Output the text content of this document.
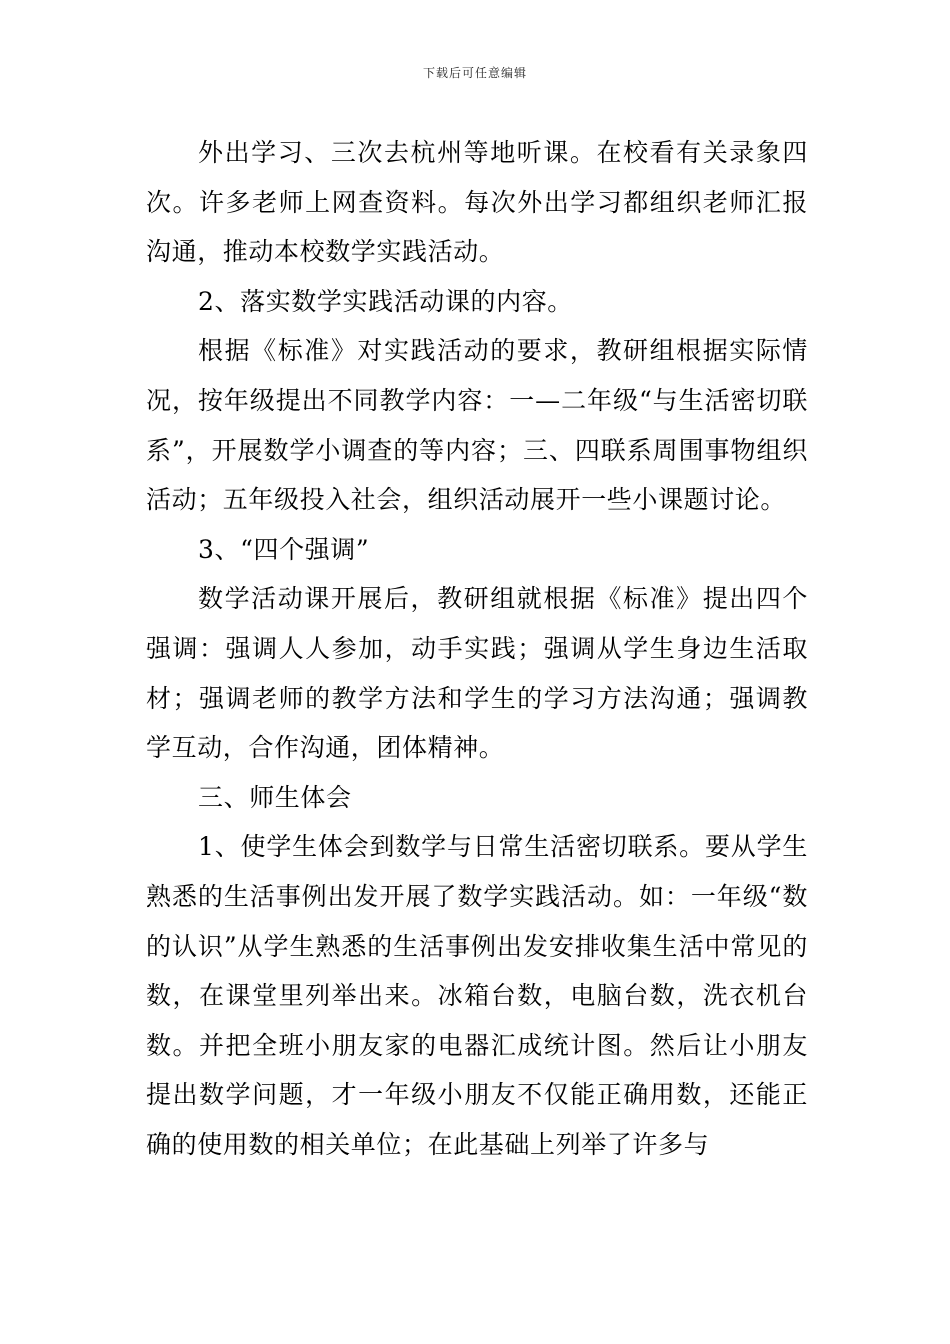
下载后可任意编辑

外出学习、三次去杭州等地听课。在校看有关录象四次。许多老师上网查资料。每次外出学习都组织老师汇报沟通，推动本校数学实践活动。

2、落实数学实践活动课的内容。

根据《标准》对实践活动的要求，教研组根据实际情况，按年级提出不同教学内容：一—二年级“与生活密切联系”，开展数学小调查的等内容；三、四联系周围事物组织活动；五年级投入社会，组织活动展开一些小课题讨论。

3、“四个强调”

数学活动课开展后，教研组就根据《标准》提出四个强调：强调人人参加，动手实践；强调从学生身边生活取材；强调老师的教学方法和学生的学习方法沟通；强调教学互动，合作沟通，团体精神。

三、师生体会

1、使学生体会到数学与日常生活密切联系。要从学生熟悉的生活事例出发开展了数学实践活动。如：一年级“数的认识”从学生熟悉的生活事例出发安排收集生活中常见的数，在课堂里列举出来。冰箱台数，电脑台数，洗衣机台数。并把全班小朋友家的电器汇成统计图。然后让小朋友提出数学问题，才一年级小朋友不仅能正确用数，还能正确的使用数的相关单位；在此基础上列举了许多与
